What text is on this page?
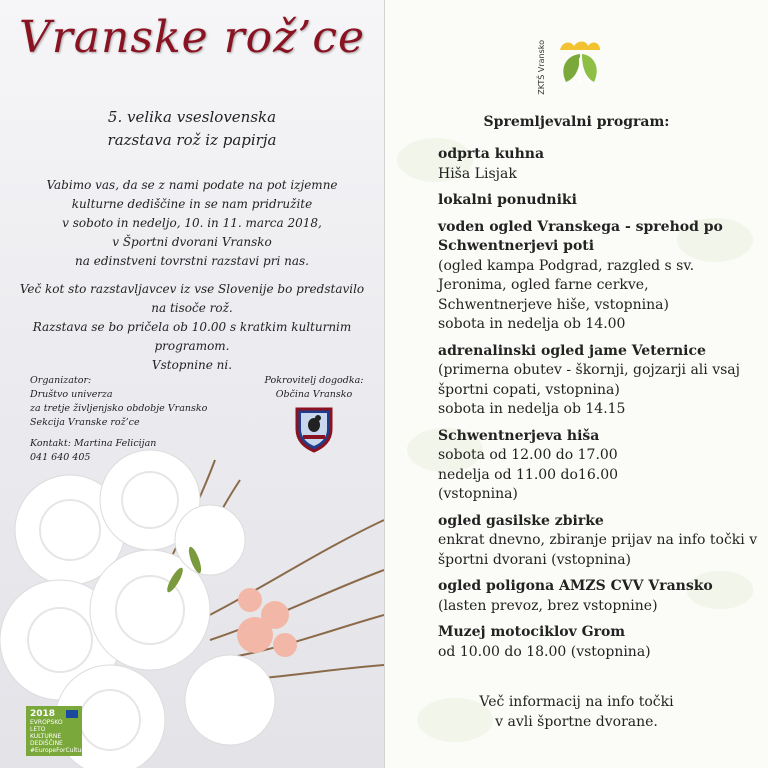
Vranske rož’ce
5. velika vseslovenska
razstava rož iz papirja
Vabimo vas, da se z nami podate na pot izjemne
kulturne dediščine in se nam pridružite
v soboto in nedeljo, 10. in 11. marca 2018,
v Športni dvorani Vransko
na edinstveni tovrstni razstavi pri nas.
Več kot sto razstavljavcev iz vse Slovenije bo predstavilo
na tisoče rož.
Razstava se bo pričela ob 10.00 s kratkim kulturnim programom.
Vstopnine ni.
Organizator:
Društvo univerza
za tretje življenjsko obdobje Vransko
Sekcija Vranske rož’ce
Kontakt: Martina Felicijan
041 640 405
Pokrovitelj dogodka:
Občina Vransko
2018
EVROPSKO
LETO KULTURNE
DEDIŠČINE
#EuropeForCulture
ZKTŠ Vransko
Spremljevalni program:
odprta kuhna
Hiša Lisjak
lokalni ponudniki
voden ogled Vranskega - sprehod po Schwentnerjevi poti
(ogled kampa Podgrad, razgled s sv. Jeronima, ogled farne cerkve, Schwentnerjeve hiše, vstopnina)
sobota in nedelja ob 14.00
adrenalinski ogled jame Veternice
(primerna obutev - škornji, gojzarji ali vsaj športni copati, vstopnina)
sobota in nedelja ob 14.15
Schwentnerjeva hiša
sobota od 12.00 do 17.00
nedelja od 11.00 do16.00
(vstopnina)
ogled gasilske zbirke
enkrat dnevno, zbiranje prijav na info točki v športni dvorani (vstopnina)
ogled poligona AMZS CVV Vransko
(lasten prevoz, brez vstopnine)
Muzej motociklov Grom
od 10.00 do 18.00 (vstopnina)
Več informacij na info točki
v avli športne dvorane.
